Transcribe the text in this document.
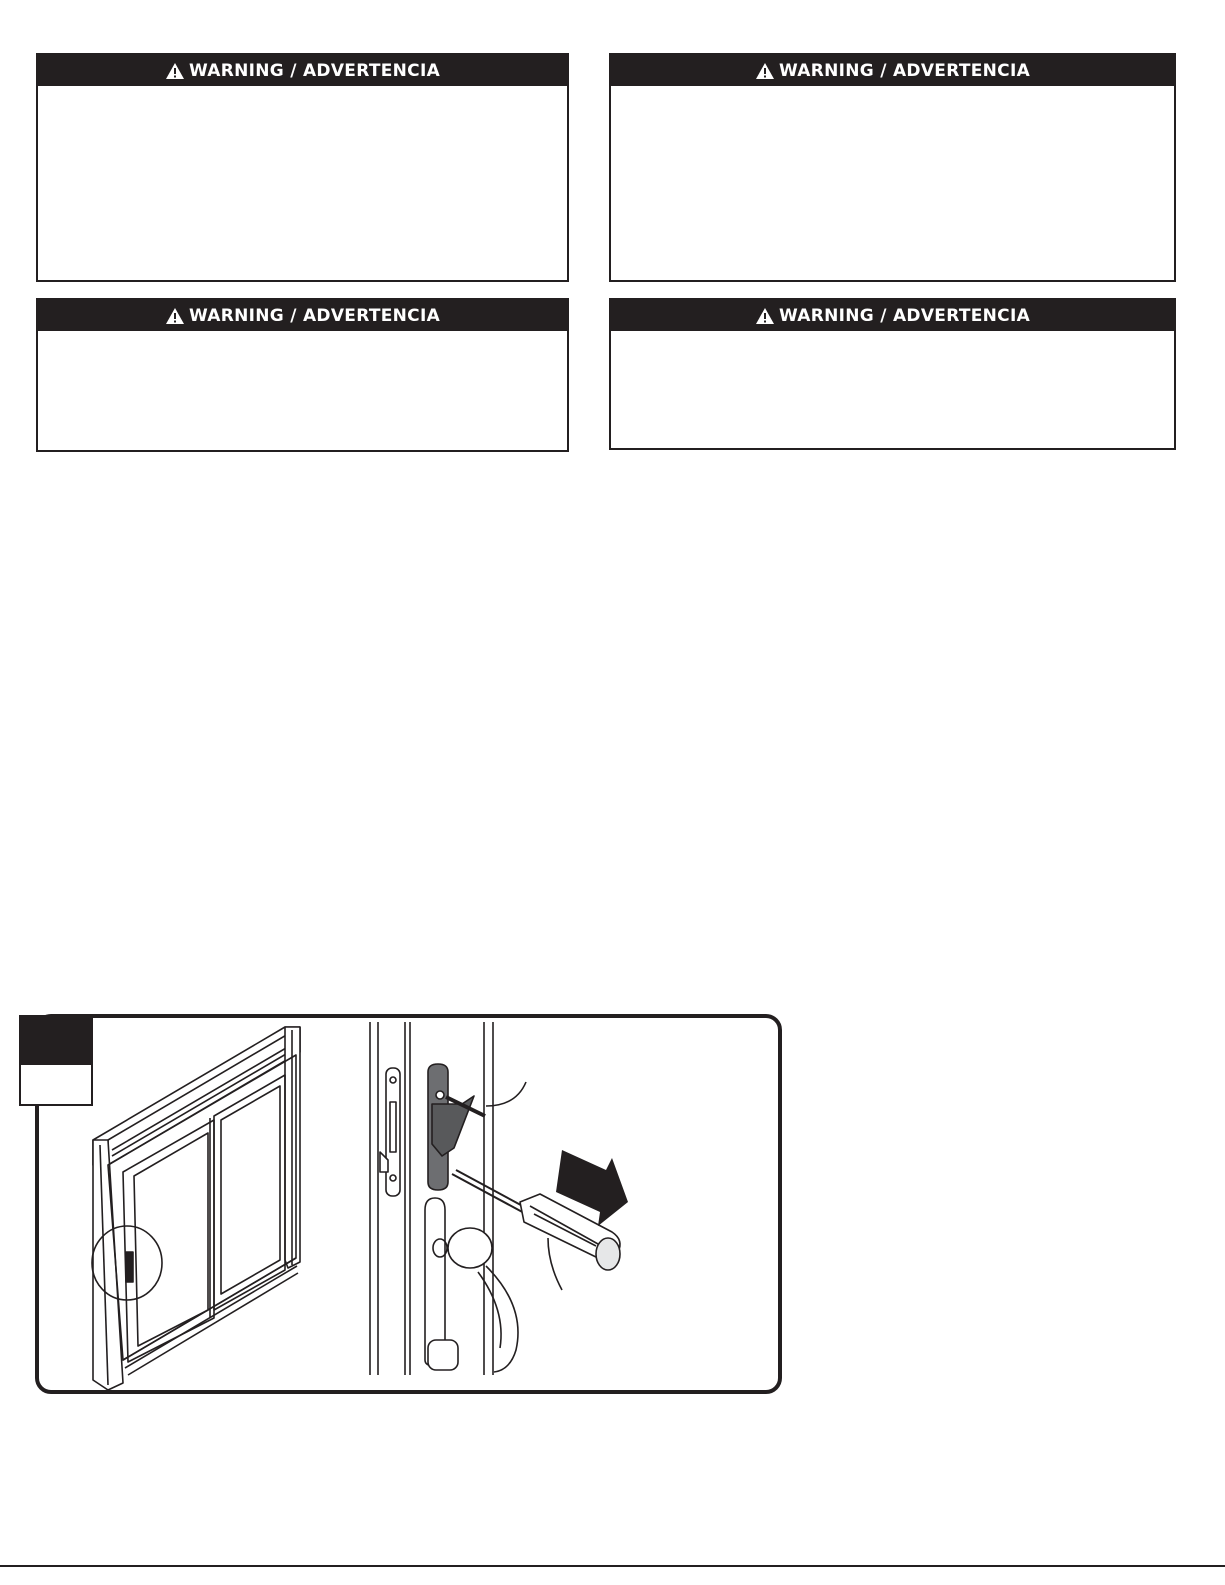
WARNING / ADVERTENCIA	WARNING / ADVERTENCIA
WARNING / ADVERTENCIA	WARNING / ADVERTENCIA
